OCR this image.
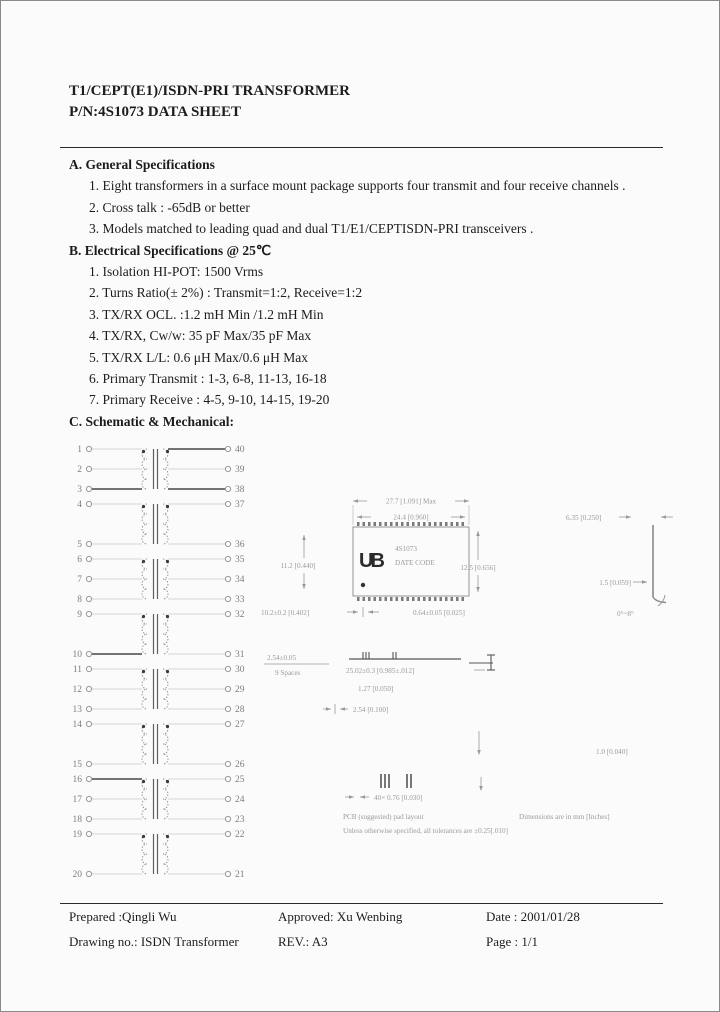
T1/CEPT(E1)/ISDN-PRI TRANSFORMER
P/N:4S1073 DATA SHEET
A. General Specifications
1. Eight transformers in a surface mount package supports four transmit and four receive channels .
2. Cross talk : -65dB or better
3. Models matched to leading quad and dual T1/E1/CEPTISDN-PRI transceivers .
B. Electrical Specifications @ 25℃
1. Isolation HI-POT: 1500 Vrms
2. Turns Ratio(± 2%) : Transmit=1:2, Receive=1:2
3. TX/RX OCL. :1.2 mH Min /1.2 mH Min
4. TX/RX, Cw/w: 35 pF Max/35 pF Max
5. TX/RX L/L: 0.6 μH Max/0.6 μH Max
6. Primary Transmit : 1-3, 6-8, 11-13, 16-18
7. Primary Receive : 4-5, 9-10, 14-15, 19-20
C. Schematic & Mechanical:
1
2
3
40
39
38
4
5
37
36
6
7
8
35
34
33
9
10
32
31
11
12
13
30
29
28
14
15
27
26
16
17
18
25
24
23
19
20
22
21
UB
4S1073
DATE CODE
27.7 [1.091] Max
24.4 [0.960]
12.5 [0.656]
11.2 [0.440]
10.2±0.2 [0.402]	0.64±0.05 [0.025]
6.35 [0.250]
1.5 [0.059]
0°~8°
2.54±0.05
9 Spaces	25.02±0.3 [0.985±.012]
1.27 [0.050]
2.54 [0.100]
1.0 [0.040]
40× 0.76 [0.030]
PCB (suggested) pad layout	Dimensions are in mm [Inches]
Unless otherwise specified, all tolerances are ±0.25[.010]
Prepared :Qingli Wu	Approved: Xu Wenbing	Date : 2001/01/28
Drawing no.: ISDN Transformer	REV.: A3	Page : 1/1
